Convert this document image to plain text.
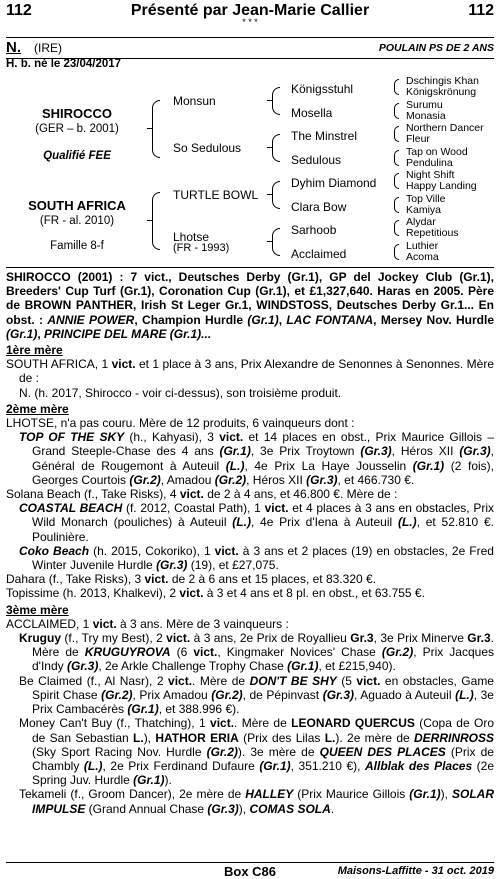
112	Présenté par Jean-Marie Callier	112
* * *
N. (IRE)	POULAIN PS DE 2 ANS
H. b. né le 23/04/2017
SHIROCCO
(GER – b. 2001)
Qualifié FEE
SOUTH AFRICA
(FR - al. 2010)
Famille 8-f
Monsun
So Sedulous
TURTLE BOWL
Lhotse
(FR - 1993)
Königsstuhl
Mosella
The Minstrel
Sedulous
Dyhim Diamond
Clara Bow
Sarhoob
Acclaimed
Dschingis Khan
Königskrönung
Surumu
Monasia
Northern Dancer
Fleur
Tap on Wood
Pendulina
Night Shift
Happy Landing
Top Ville
Kamiya
Alydar
Repetitious
Luthier
Acoma

SHIROCCO (2001) : 7 vict., Deutsches Derby (Gr.1), GP del Jockey Club (Gr.1), Breeders' Cup Turf (Gr.1), Coronation Cup (Gr.1), et £1,327,640. Haras en 2005. Père de BROWN PANTHER, Irish St Leger Gr.1, WINDSTOSS, Deutsches Derby Gr.1... En obst. : ANNIE POWER, Champion Hurdle (Gr.1), LAC FONTANA, Mersey Nov. Hurdle (Gr.1), PRINCIPE DEL MARE (Gr.1)...

1ère mère

SOUTH AFRICA, 1 vict. et 1 place à 3 ans, Prix Alexandre de Senonnes à Senonnes. Mère de :

N. (h. 2017, Shirocco - voir ci-dessus), son troisième produit.

2ème mère

LHOTSE, n'a pas couru. Mère de 12 produits, 6 vainqueurs dont :

TOP OF THE SKY (h., Kahyasi), 3 vict. et 14 places en obst., Prix Maurice Gillois – Grand Steeple-Chase des 4 ans (Gr.1), 3e Prix Troytown (Gr.3), Héros XII (Gr.3), Général de Rougemont à Auteuil (L.), 4e Prix La Haye Jousselin (Gr.1) (2 fois), Georges Courtois (Gr.2), Amadou (Gr.2), Héros XII (Gr.3), et 466.730 €.

Solana Beach (f., Take Risks), 4 vict. de 2 à 4 ans, et 46.800 €. Mère de :

COASTAL BEACH (f. 2012, Coastal Path), 1 vict. et 4 places à 3 ans en obstacles, Prix Wild Monarch (pouliches) à Auteuil (L.), 4e Prix d'Iena à Auteuil (L.), et 52.810 €. Poulinière.

Coko Beach (h. 2015, Cokoriko), 1 vict. à 3 ans et 2 places (19) en obstacles, 2e Fred Winter Juvenile Hurdle (Gr.3) (19), et £27,075.

Dahara (f., Take Risks), 3 vict. de 2 à 6 ans et 15 places, et 83.320 €.

Topissime (h. 2013, Khalkevi), 2 vict. à 3 et 4 ans et 8 pl. en obst., et 63.755 €.

3ème mère

ACCLAIMED, 1 vict. à 3 ans. Mère de 3 vainqueurs :

Kruguy (f., Try my Best), 2 vict. à 3 ans, 2e Prix de Royallieu Gr.3, 3e Prix Minerve Gr.3. Mère de KRUGUYROVA (6 vict., Kingmaker Novices' Chase (Gr.2), Prix Jacques d'Indy (Gr.3), 2e Arkle Challenge Trophy Chase (Gr.1), et £215,940).

Be Claimed (f., Al Nasr), 2 vict.. Mère de DON'T BE SHY (5 vict. en obstacles, Game Spirit Chase (Gr.2), Prix Amadou (Gr.2), de Pépinvast (Gr.3), Aguado à Auteuil (L.), 3e Prix Cambacérès (Gr.1), et 388.996 €).

Money Can't Buy (f., Thatching), 1 vict.. Mère de LEONARD QUERCUS (Copa de Oro de San Sebastian L.), HATHOR ERIA (Prix des Lilas L.). 2e mère de DERRINROSS (Sky Sport Racing Nov. Hurdle (Gr.2)). 3e mère de QUEEN DES PLACES (Prix de Chambly (L.), 2e Prix Ferdinand Dufaure (Gr.1), 351.210 €), Allblak des Places (2e Spring Juv. Hurdle (Gr.1)).

Tekameli (f., Groom Dancer), 2e mère de HALLEY (Prix Maurice Gillois (Gr.1)), SOLAR IMPULSE (Grand Annual Chase (Gr.3)), COMAS SOLA.

Box C86	Maisons-Laffitte - 31 oct. 2019
